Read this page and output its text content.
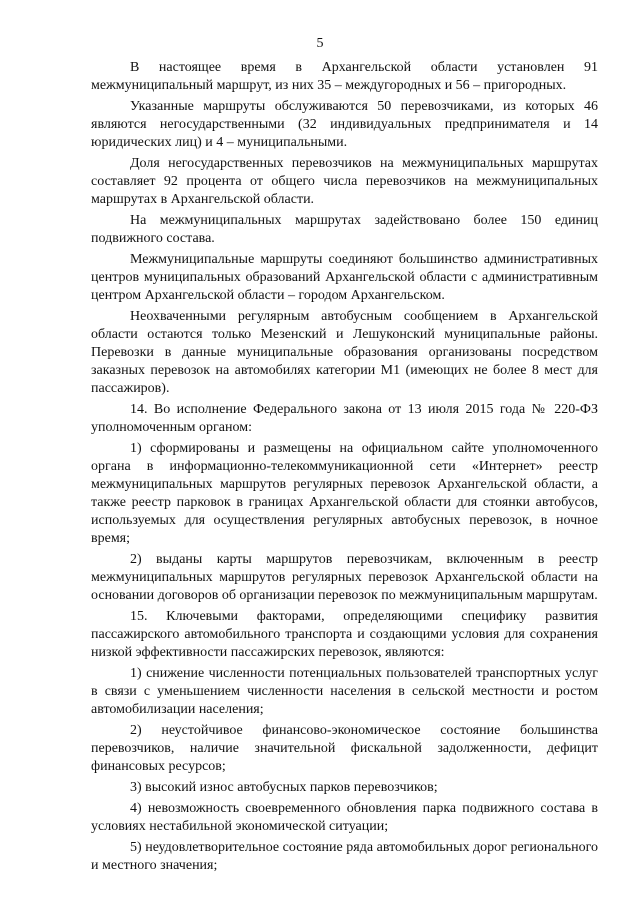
5

В настоящее время в Архангельской области установлен 91 межмуниципальный маршрут, из них 35 – междугородных и 56 – пригородных.

Указанные маршруты обслуживаются 50 перевозчиками, из которых 46 являются негосударственными (32 индивидуальных предпринимателя и 14 юридических лиц) и 4 – муниципальными.

Доля негосударственных перевозчиков на межмуниципальных маршрутах составляет 92 процента от общего числа перевозчиков на межмуниципальных маршрутах в Архангельской области.

На межмуниципальных маршрутах задействовано более 150 единиц подвижного состава.

Межмуниципальные маршруты соединяют большинство административных центров муниципальных образований Архангельской области с административным центром Архангельской области – городом Архангельском.

Неохваченными регулярным автобусным сообщением в Архангельской области остаются только Мезенский и Лешуконский муниципальные районы. Перевозки в данные муниципальные образования организованы посредством заказных перевозок на автомобилях категории М1 (имеющих не более 8 мест для пассажиров).

14. Во исполнение Федерального закона от 13 июля 2015 года № 220-ФЗ уполномоченным органом:

1) сформированы и размещены на официальном сайте уполномоченного органа в информационно-телекоммуникационной сети «Интернет» реестр межмуниципальных маршрутов регулярных перевозок Архангельской области, а также реестр парковок в границах Архангельской области для стоянки автобусов, используемых для осуществления регулярных автобусных перевозок, в ночное время;

2) выданы карты маршрутов перевозчикам, включенным в реестр межмуниципальных маршрутов регулярных перевозок Архангельской области на основании договоров об организации перевозок по межмуниципальным маршрутам.

15. Ключевыми факторами, определяющими специфику развития пассажирского автомобильного транспорта и создающими условия для сохранения низкой эффективности пассажирских перевозок, являются:

1) снижение численности потенциальных пользователей транспортных услуг в связи с уменьшением численности населения в сельской местности и ростом автомобилизации населения;

2) неустойчивое финансово-экономическое состояние большинства перевозчиков, наличие значительной фискальной задолженности, дефицит финансовых ресурсов;

3) высокий износ автобусных парков перевозчиков;

4) невозможность своевременного обновления парка подвижного состава в условиях нестабильной экономической ситуации;

5) неудовлетворительное состояние ряда автомобильных дорог регионального и местного значения;
